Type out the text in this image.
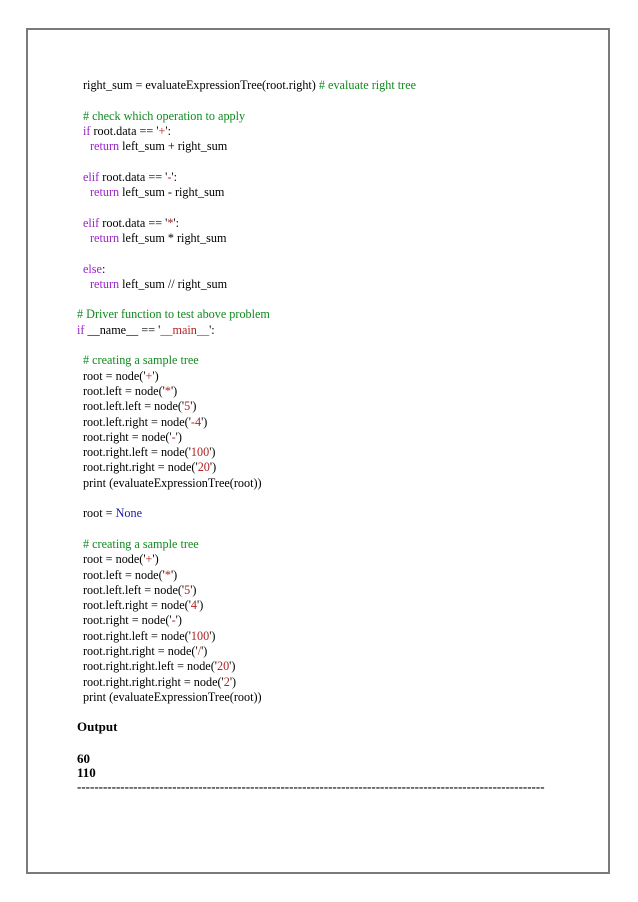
right_sum = evaluateExpressionTree(root.right) # evaluate right tree
# check which operation to apply
if root.data == '+':
return left_sum + right_sum
elif root.data == '-':
return left_sum - right_sum
elif root.data == '*':
return left_sum * right_sum
else:
return left_sum // right_sum
# Driver function to test above problem
if __name__ == '__main__':
# creating a sample tree
root = node('+')
root.left = node('*')
root.left.left = node('5')
root.left.right = node('-4')
root.right = node('-')
root.right.left = node('100')
root.right.right = node('20')
print (evaluateExpressionTree(root))
root = None
# creating a sample tree
root = node('+')
root.left = node('*')
root.left.left = node('5')
root.left.right = node('4')
root.right = node('-')
root.right.left = node('100')
root.right.right = node('/')
root.right.right.left = node('20')
root.right.right.right = node('2')
print (evaluateExpressionTree(root))
Output
60
110
------------------------------------------------------------------------------------------------------------
